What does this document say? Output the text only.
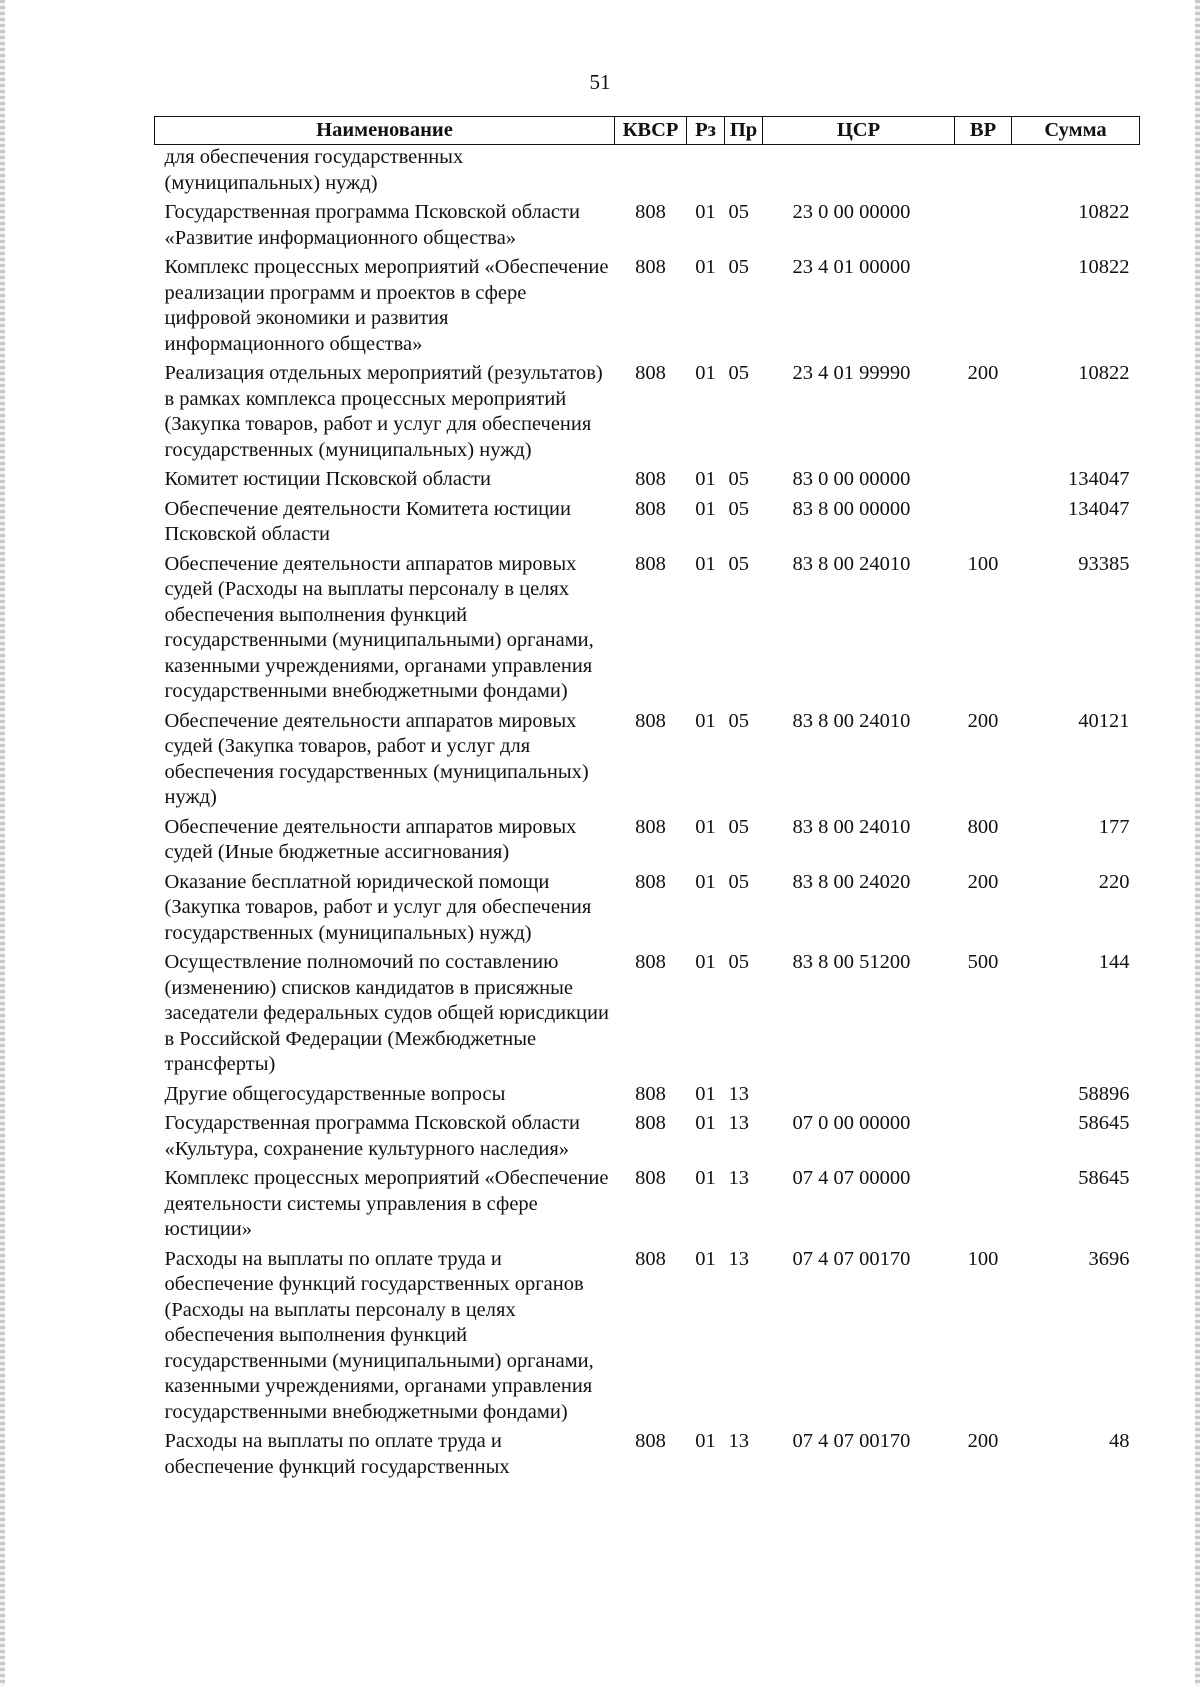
51
Наименование	КВСР	Рз	Пр	ЦСР	ВР	Сумма
для обеспечения государственных (муниципальных) нужд)						
Государственная программа Псковской области «Развитие информационного общества»	808	01	05	23 0 00 00000		10822
Комплекс процессных мероприятий «Обеспечение реализации программ и проектов в сфере цифровой экономики и развития информационного общества»	808	01	05	23 4 01 00000		10822
Реализация отдельных мероприятий (результатов) в рамках комплекса процессных мероприятий (Закупка товаров, работ и услуг для обеспечения государственных (муниципальных) нужд)	808	01	05	23 4 01 99990	200	10822
Комитет юстиции Псковской области	808	01	05	83 0 00 00000		134047
Обеспечение деятельности Комитета юстиции Псковской области	808	01	05	83 8 00 00000		134047
Обеспечение деятельности аппаратов мировых судей (Расходы на выплаты персоналу в целях обеспечения выполнения функций государственными (муниципальными) органами, казенными учреждениями, органами управления государственными внебюджетными фондами)	808	01	05	83 8 00 24010	100	93385
Обеспечение деятельности аппаратов мировых судей (Закупка товаров, работ и услуг для обеспечения государственных (муниципальных) нужд)	808	01	05	83 8 00 24010	200	40121
Обеспечение деятельности аппаратов мировых судей (Иные бюджетные ассигнования)	808	01	05	83 8 00 24010	800	177
Оказание бесплатной юридической помощи (Закупка товаров, работ и услуг для обеспечения государственных (муниципальных) нужд)	808	01	05	83 8 00 24020	200	220
Осуществление полномочий по составлению (изменению) списков кандидатов в присяжные заседатели федеральных судов общей юрисдикции в Российской Федерации (Межбюджетные трансферты)	808	01	05	83 8 00 51200	500	144
Другие общегосударственные вопросы	808	01	13			58896
Государственная программа Псковской области «Культура, сохранение культурного наследия»	808	01	13	07 0 00 00000		58645
Комплекс процессных мероприятий «Обеспечение деятельности системы управления в сфере юстиции»	808	01	13	07 4 07 00000		58645
Расходы на выплаты по оплате труда и обеспечение функций государственных органов (Расходы на выплаты персоналу в целях обеспечения выполнения функций государственными (муниципальными) органами, казенными учреждениями, органами управления государственными внебюджетными фондами)	808	01	13	07 4 07 00170	100	3696
Расходы на выплаты по оплате труда и обеспечение функций государственных	808	01	13	07 4 07 00170	200	48
